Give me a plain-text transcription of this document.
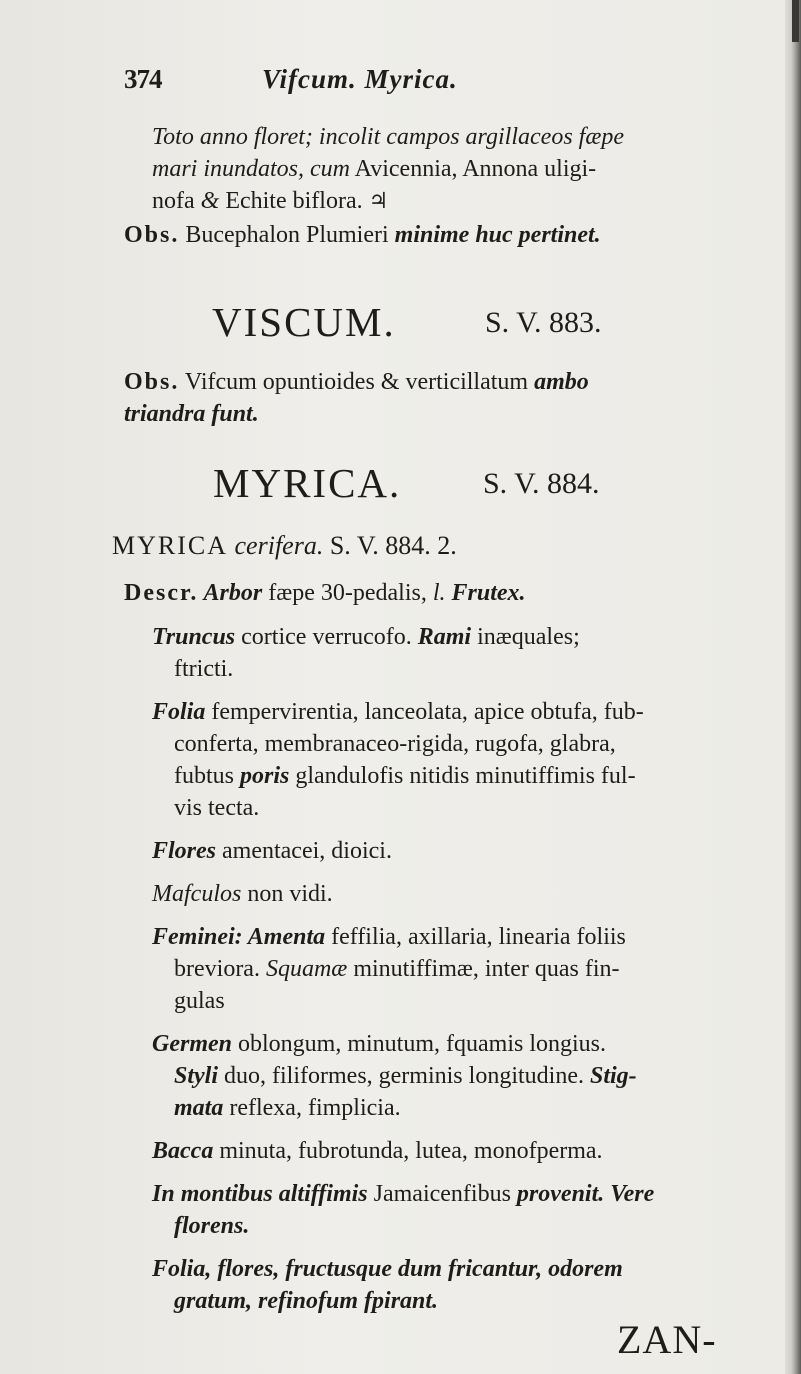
374	Vifcum. Myrica.
Toto anno floret; incolit campos argillaceos fæpe
mari inundatos, cum Avicennia, Annona uligi-
nofa & Echite biflora. ♃
Obs. Bucephalon Plumieri minime huc pertinet.
VISCUM.	S. V. 883.
Obs. Vifcum opuntioides & verticillatum ambo
triandra funt.
MYRICA.	S. V. 884.
MYRICA cerifera. S. V. 884. 2.
Descr. Arbor fæpe 30-pedalis, l. Frutex.
Truncus cortice verrucofo. Rami inæquales;
ftricti.
Folia fempervirentia, lanceolata, apice obtufa, fub-
conferta, membranaceo-rigida, rugofa, glabra,
fubtus poris glandulofis nitidis minutiffimis ful-
vis tecta.
Flores amentacei, dioici.
Mafculos non vidi.
Feminei: Amenta feffilia, axillaria, linearia foliis
breviora. Squamæ minutiffimæ, inter quas fin-
gulas
Germen oblongum, minutum, fquamis longius.
Styli duo, filiformes, germinis longitudine. Stig-
mata reflexa, fimplicia.
Bacca minuta, fubrotunda, lutea, monofperma.
In montibus altiffimis Jamaicenfibus provenit. Vere
florens.
Folia, flores, fructusque dum fricantur, odorem
gratum, refinofum fpirant.
ZAN-
